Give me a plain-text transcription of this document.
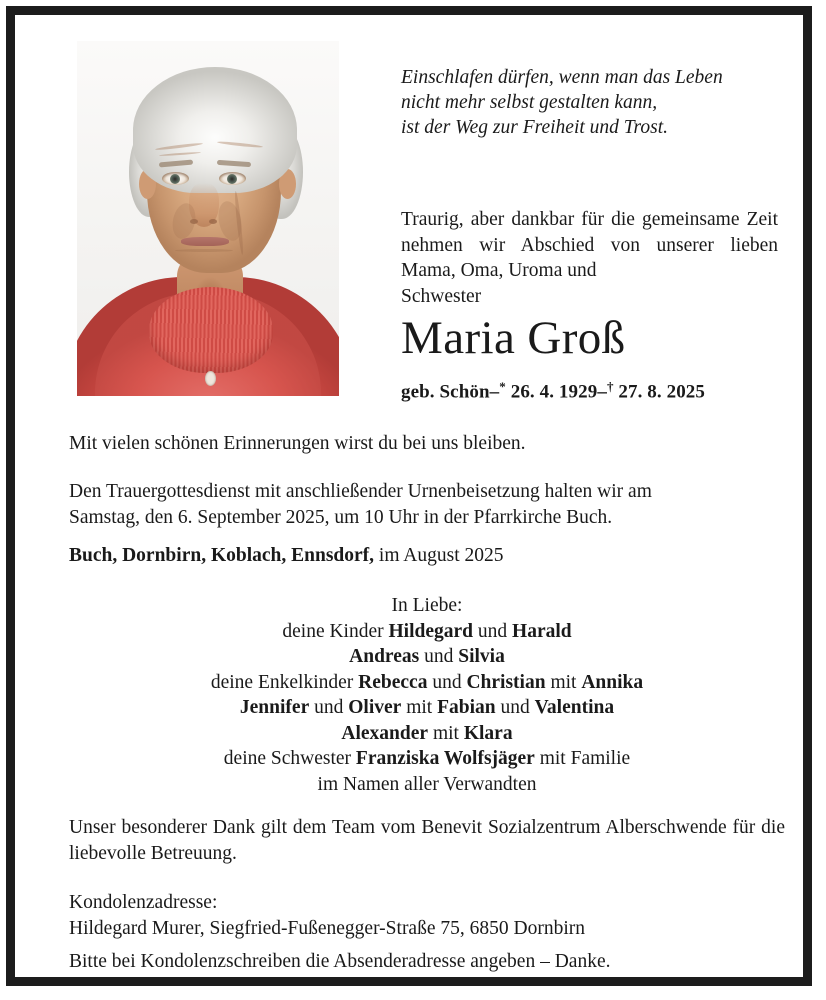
Einschlafen dürfen, wenn man das Leben
nicht mehr selbst gestalten kann,
ist der Weg zur Freiheit und Trost.
Traurig, aber dankbar für die gemeinsame Zeit nehmen wir Abschied von unserer lieben Mama, Oma, Uroma und
Schwester
Maria Groß
geb. Schön–* 26. 4. 1929–† 27. 8. 2025
Mit vielen schönen Erinnerungen wirst du bei uns bleiben.
Den Trauergottesdienst mit anschließender Urnenbeisetzung halten wir am
Samstag, den 6. September 2025, um 10 Uhr in der Pfarrkirche Buch.
Buch, Dornbirn, Koblach, Ennsdorf, im August 2025
In Liebe:
deine Kinder Hildegard und Harald
Andreas und Silvia
deine Enkelkinder Rebecca und Christian mit Annika
Jennifer und Oliver mit Fabian und Valentina
Alexander mit Klara
deine Schwester Franziska Wolfsjäger mit Familie
im Namen aller Verwandten
Unser besonderer Dank gilt dem Team vom Benevit Sozialzentrum Alberschwende für die liebevolle Betreuung.
Kondolenzadresse:
Hildegard Murer, Siegfried-Fußenegger-Straße 75, 6850 Dornbirn
Bitte bei Kondolenzschreiben die Absenderadresse angeben – Danke.
